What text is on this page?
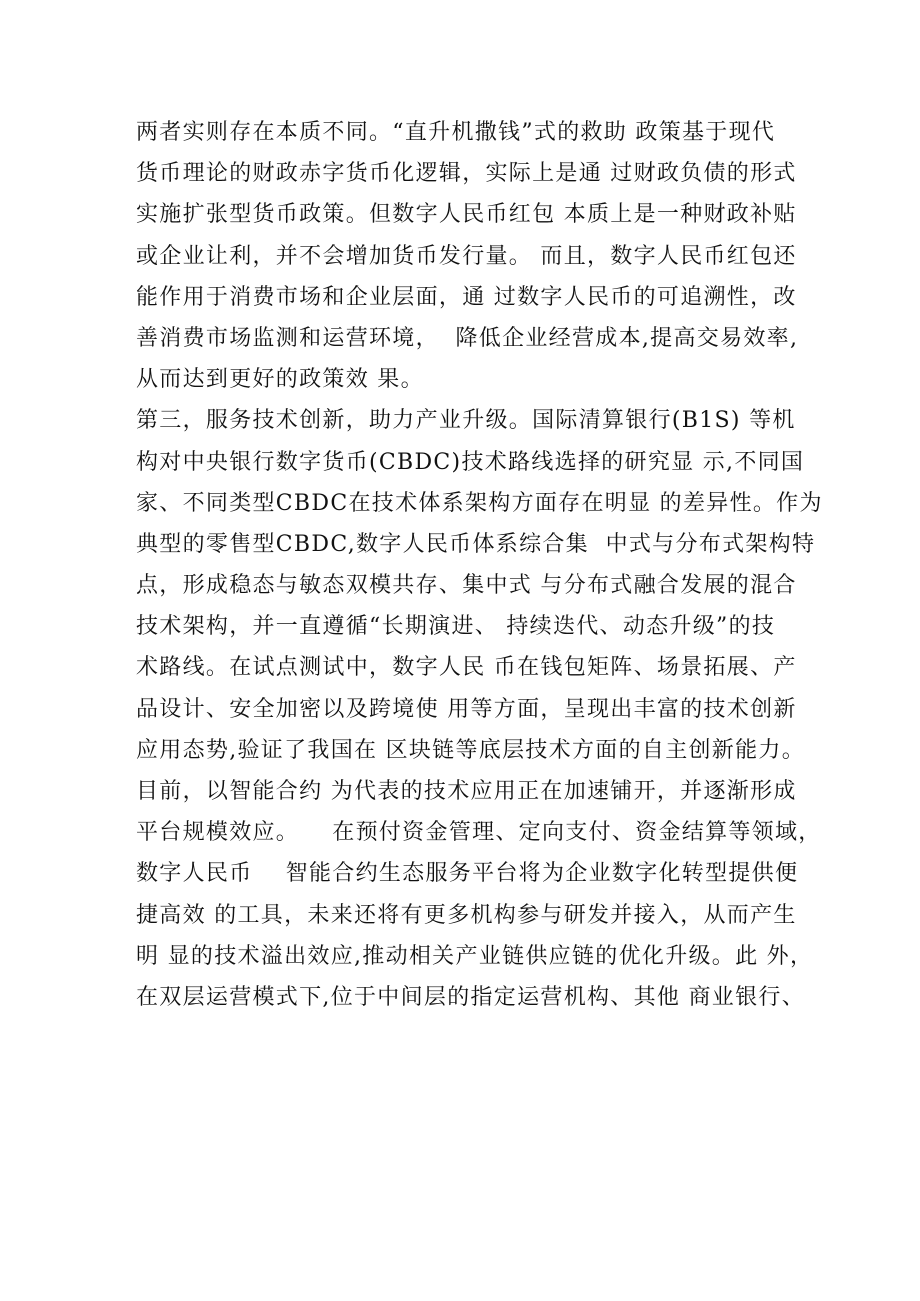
两者实则存在本质不同。“直升机撒钱”式的救助 政策基于现代
货币理论的财政赤字货币化逻辑，实际上是通 过财政负债的形式
实施扩张型货币政策。但数字人民币红包 本质上是一种财政补贴
或企业让利，并不会增加货币发行量。 而且，数字人民币红包还
能作用于消费市场和企业层面，通 过数字人民币的可追溯性，改
善消费市场监测和运营环境，  降低企业经营成本,提高交易效率,
从而达到更好的政策效 果。
第三，服务技术创新，助力产业升级。国际清算银行(B1S) 等机
构对中央银行数字货币(CBDC)技术路线选择的研究显 示,不同国
家、不同类型CBDC在技术体系架构方面存在明显 的差异性。作为
典型的零售型CBDC,数字人民币体系综合集  中式与分布式架构特
点，形成稳态与敏态双模共存、集中式 与分布式融合发展的混合
技术架构，并一直遵循“长期演进、 持续迭代、动态升级”的技
术路线。在试点测试中，数字人民 币在钱包矩阵、场景拓展、产
品设计、安全加密以及跨境使 用等方面，呈现出丰富的技术创新
应用态势,验证了我国在 区块链等底层技术方面的自主创新能力。
目前，以智能合约 为代表的技术应用正在加速铺开，并逐渐形成
平台规模效应。    在预付资金管理、定向支付、资金结算等领域，
数字人民币    智能合约生态服务平台将为企业数字化转型提供便
捷高效 的工具，未来还将有更多机构参与研发并接入，从而产生
明 显的技术溢出效应,推动相关产业链供应链的优化升级。此 外，
在双层运营模式下,位于中间层的指定运营机构、其他 商业银行、
